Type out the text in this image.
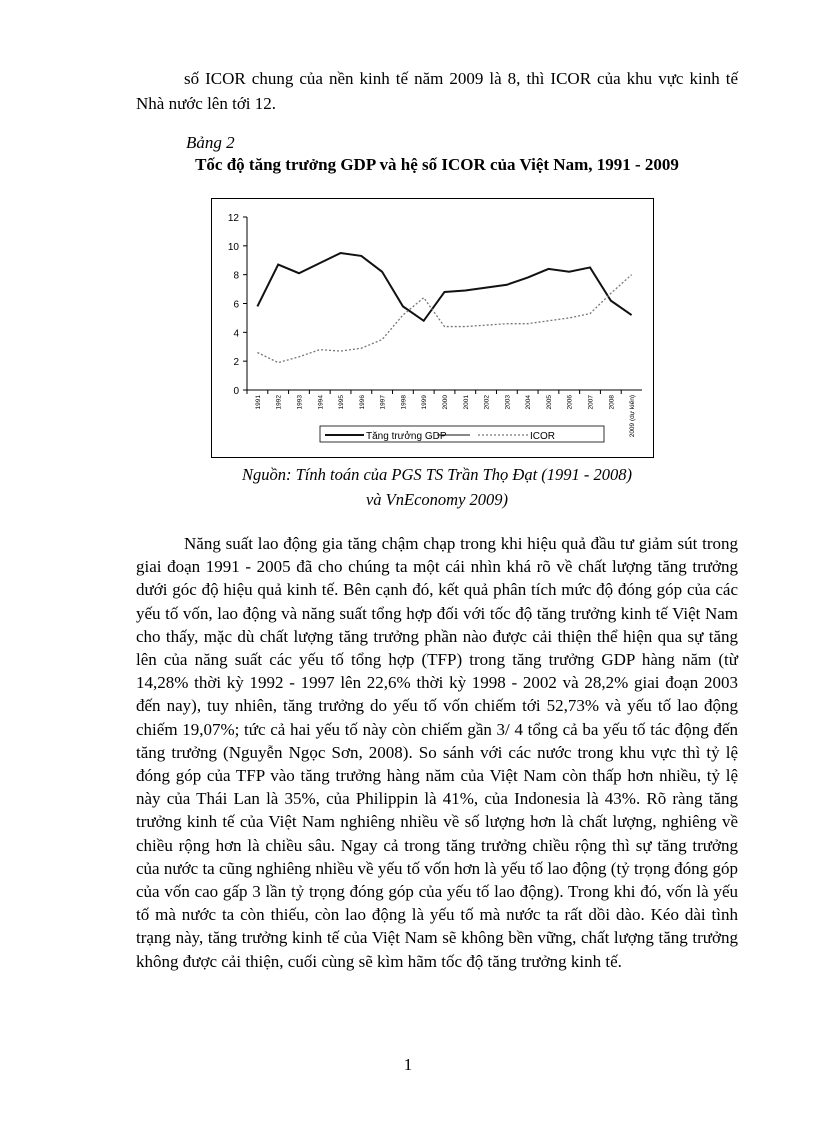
số ICOR chung của nền kinh tế năm 2009 là 8, thì ICOR của khu vực kinh tế Nhà nước lên tới 12.
Bảng 2
Tốc độ tăng trưởng GDP và hệ số ICOR của Việt Nam, 1991 - 2009
0
2
4
6
8
10
12
1991 1992 1993 1994 1995 1996 1997 1998 1999 2000 2001 2002 2003 2004 2005 2006 2007 2008	2009 (dự kiến)
Tăng trưởng GDP	ICOR
Nguồn: Tính toán của PGS TS Trần Thọ Đạt (1991 - 2008)
và VnEconomy 2009)
Năng suất lao động gia tăng chậm chạp trong khi hiệu quả đầu tư giảm sút trong giai đoạn 1991 - 2005 đã cho chúng ta một cái nhìn khá rõ về chất lượng tăng trưởng dưới góc độ hiệu quả kinh tế. Bên cạnh đó, kết quả phân tích mức độ đóng góp của các yếu tố vốn, lao động và năng suất tổng hợp đối với tốc độ tăng trưởng kinh tế Việt Nam cho thấy, mặc dù chất lượng tăng trưởng phần nào được cải thiện thể hiện qua sự tăng lên của năng suất các yếu tố tổng hợp (TFP) trong tăng trưởng GDP hàng năm (từ 14,28% thời kỳ 1992 - 1997 lên 22,6% thời kỳ 1998 - 2002 và 28,2% giai đoạn 2003 đến nay), tuy nhiên, tăng trưởng do yếu tố vốn chiếm tới 52,73% và yếu tố lao động chiếm 19,07%; tức cả hai yếu tố này còn chiếm gần 3/ 4 tổng cả ba yếu tố tác động đến tăng trưởng (Nguyễn Ngọc Sơn, 2008). So sánh với các nước trong khu vực thì tỷ lệ đóng góp của TFP vào tăng trưởng hàng năm của Việt Nam còn thấp hơn nhiều, tỷ lệ này của Thái Lan là 35%, của Philippin là 41%, của Indonesia là 43%. Rõ ràng tăng trưởng kinh tế của Việt Nam nghiêng nhiều về số lượng hơn là chất lượng, nghiêng về chiều rộng hơn là chiều sâu. Ngay cả trong tăng trưởng chiều rộng thì sự tăng trưởng của nước ta cũng nghiêng nhiều về yếu tố vốn hơn là yếu tố lao động (tỷ trọng đóng góp của vốn cao gấp 3 lần tỷ trọng đóng góp của yếu tố lao động). Trong khi đó, vốn là yếu tố mà nước ta còn thiếu, còn lao động là yếu tố mà nước ta rất dồi dào. Kéo dài tình trạng này, tăng trưởng kinh tế của Việt Nam sẽ không bền vững, chất lượng tăng trưởng không được cải thiện, cuối cùng sẽ kìm hãm tốc độ tăng trưởng kinh tế.
1
